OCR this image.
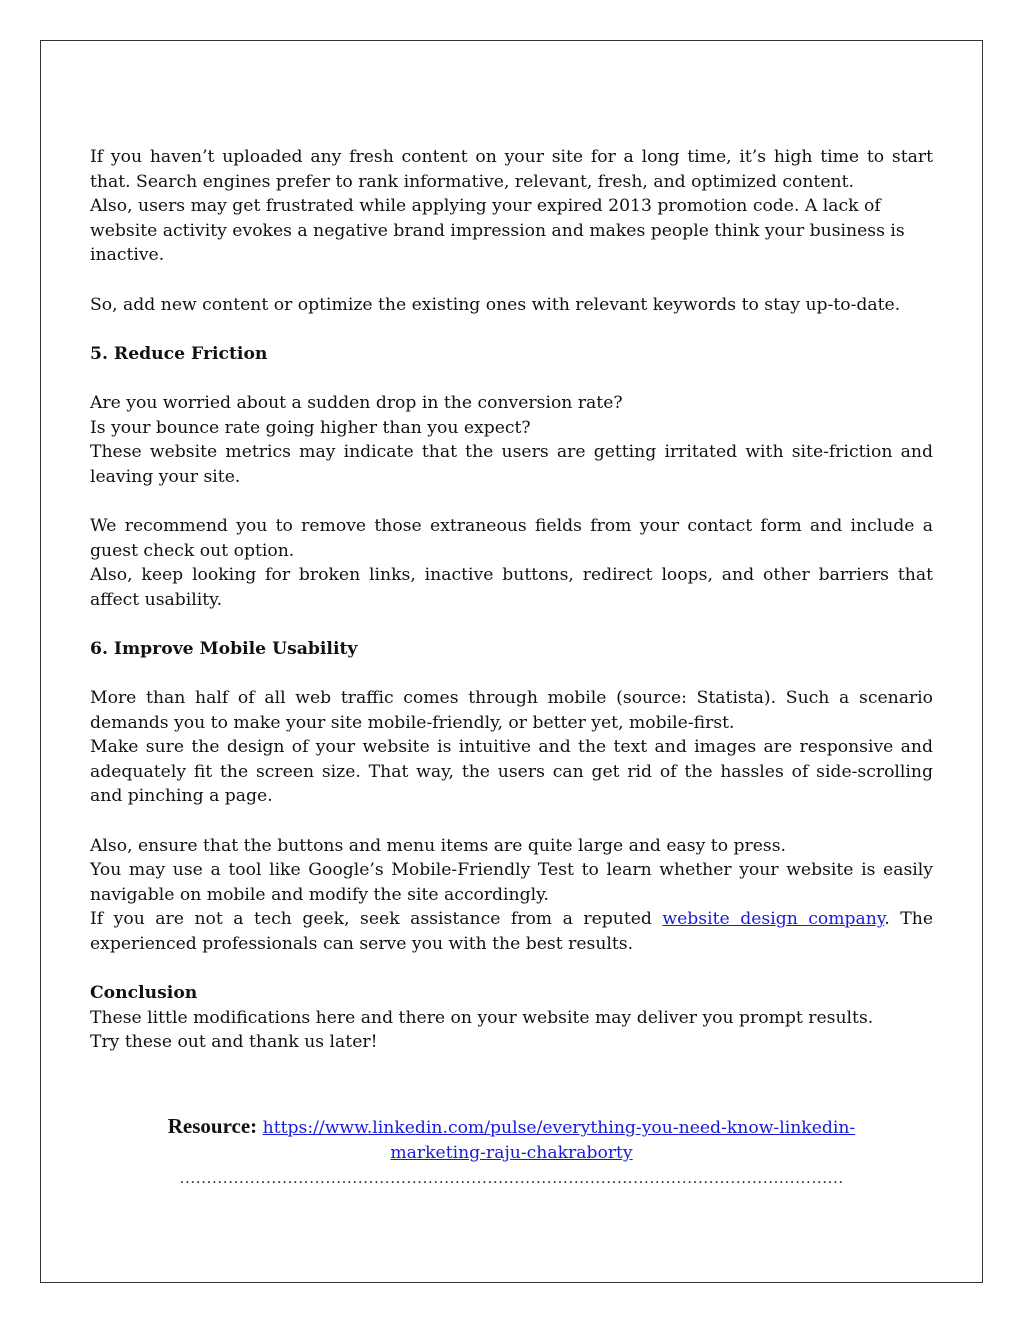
If you haven’t uploaded any fresh content on your site for a long time, it’s high time to start that. Search engines prefer to rank informative, relevant, fresh, and optimized content.

Also, users may get frustrated while applying your expired 2013 promotion code. A lack of website activity evokes a negative brand impression and makes people think your business is inactive.

So, add new content or optimize the existing ones with relevant keywords to stay up-to-date.

5. Reduce Friction

Are you worried about a sudden drop in the conversion rate?

Is your bounce rate going higher than you expect?

These website metrics may indicate that the users are getting irritated with site-friction and leaving your site.

We recommend you to remove those extraneous fields from your contact form and include a guest check out option.

Also, keep looking for broken links, inactive buttons, redirect loops, and other barriers that affect usability.

6. Improve Mobile Usability

More than half of all web traffic comes through mobile (source: Statista). Such a scenario demands you to make your site mobile-friendly, or better yet, mobile-first.

Make sure the design of your website is intuitive and the text and images are responsive and adequately fit the screen size. That way, the users can get rid of the hassles of side-scrolling and pinching a page.

Also, ensure that the buttons and menu items are quite large and easy to press.

You may use a tool like Google’s Mobile-Friendly Test to learn whether your website is easily navigable on mobile and modify the site accordingly.

If you are not a tech geek, seek assistance from a reputed website design company. The experienced professionals can serve you with the best results.

Conclusion

These little modifications here and there on your website may deliver you prompt results.

Try these out and thank us later!

Resource: https://www.linkedin.com/pulse/everything-you-need-know-linkedin-
marketing-raju-chakraborty
……………………………………………………………………………………………………………
